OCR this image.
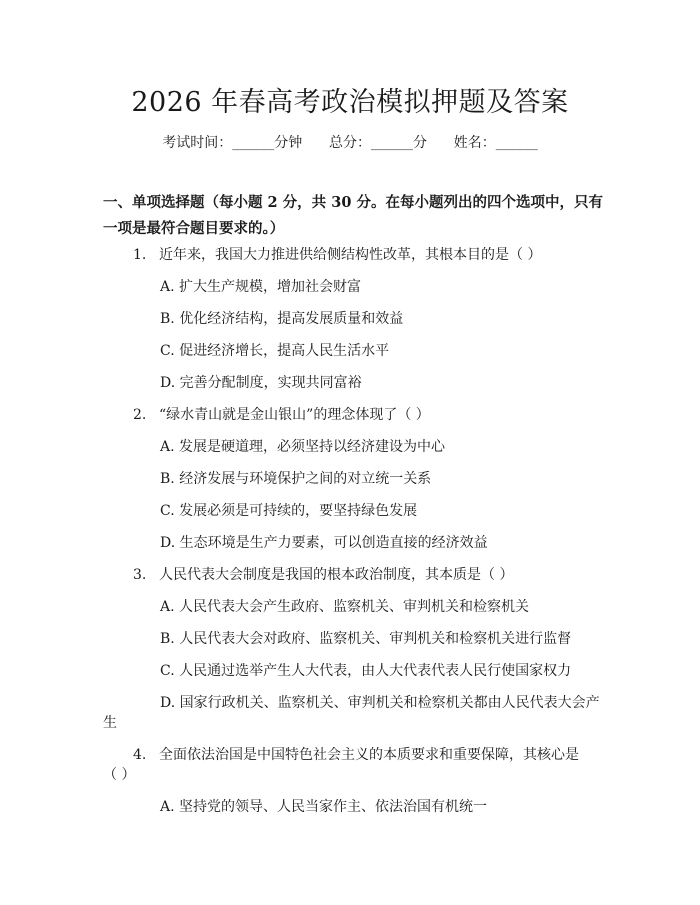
2026 年春高考政治模拟押题及答案
考试时间：______分钟      总分：______分      姓名：______
一、单项选择题（每小题 2 分，共 30 分。在每小题列出的四个选项中，只有一项是最符合题目要求的。）
1. 近年来，我国大力推进供给侧结构性改革，其根本目的是（ ）
A. 扩大生产规模，增加社会财富
B. 优化经济结构，提高发展质量和效益
C. 促进经济增长，提高人民生活水平
D. 完善分配制度，实现共同富裕
2. “绿水青山就是金山银山”的理念体现了（ ）
A. 发展是硬道理，必须坚持以经济建设为中心
B. 经济发展与环境保护之间的对立统一关系
C. 发展必须是可持续的，要坚持绿色发展
D. 生态环境是生产力要素，可以创造直接的经济效益
3. 人民代表大会制度是我国的根本政治制度，其本质是（ ）
A. 人民代表大会产生政府、监察机关、审判机关和检察机关
B. 人民代表大会对政府、监察机关、审判机关和检察机关进行监督
C. 人民通过选举产生人大代表，由人大代表代表人民行使国家权力
D. 国家行政机关、监察机关、审判机关和检察机关都由人民代表大会产
生
4. 全面依法治国是中国特色社会主义的本质要求和重要保障，其核心是
（ ）
A. 坚持党的领导、人民当家作主、依法治国有机统一
